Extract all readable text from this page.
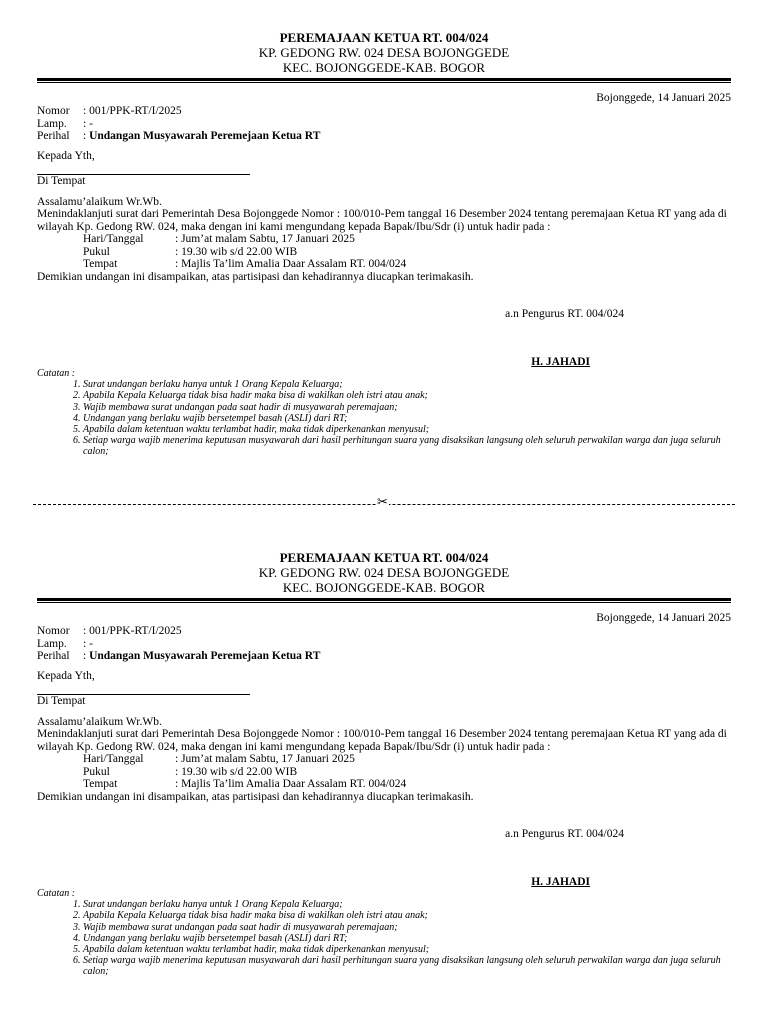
PEREMAJAAN KETUA RT. 004/024
KP. GEDONG RW. 024 DESA BOJONGGEDE
KEC. BOJONGGEDE-KAB. BOGOR
Bojonggede, 14 Januari 2025
Nomor : 001/PPK-RT/I/2025
Lamp. : -
Perihal : Undangan Musyawarah Peremejaan Ketua RT
Kepada Yth,
Di Tempat
Assalamu’alaikum Wr.Wb.
Menindaklanjuti surat dari Pemerintah Desa Bojonggede Nomor : 100/010-Pem tanggal 16 Desember 2024 tentang peremajaan Ketua RT yang ada di wilayah Kp. Gedong RW. 024, maka dengan ini kami mengundang kepada Bapak/Ibu/Sdr (i) untuk hadir pada :
Hari/Tanggal	: Jum’at malam Sabtu, 17 Januari 2025
Pukul	: 19.30 wib s/d 22.00 WIB
Tempat	: Majlis Ta’lim Amalia Daar Assalam RT. 004/024
Demikian undangan ini disampaikan, atas partisipasi dan kehadirannya diucapkan terimakasih.
a.n Pengurus RT. 004/024
H. JAHADI
Catatan :
1. Surat undangan berlaku hanya untuk 1 Orang Kepala Keluarga;
2. Apabila Kepala Keluarga tidak bisa hadir maka bisa di wakilkan oleh istri atau anak;
3. Wajib membawa surat undangan pada saat hadir di musyawarah peremajaan;
4. Undangan yang berlaku wajib bersetempel basah (ASLI) dari RT;
5. Apabila dalam ketentuan waktu terlambat hadir, maka tidak diperkenankan menyusul;
6. Setiap warga wajib menerima keputusan musyawarah dari hasil perhitungan suara yang disaksikan langsung oleh seluruh perwakilan warga dan juga seluruh calon;
✂
PEREMAJAAN KETUA RT. 004/024
KP. GEDONG RW. 024 DESA BOJONGGEDE
KEC. BOJONGGEDE-KAB. BOGOR
Bojonggede, 14 Januari 2025
Nomor : 001/PPK-RT/I/2025
Lamp. : -
Perihal : Undangan Musyawarah Peremejaan Ketua RT
Kepada Yth,
Di Tempat
Assalamu’alaikum Wr.Wb.
Menindaklanjuti surat dari Pemerintah Desa Bojonggede Nomor : 100/010-Pem tanggal 16 Desember 2024 tentang peremajaan Ketua RT yang ada di wilayah Kp. Gedong RW. 024, maka dengan ini kami mengundang kepada Bapak/Ibu/Sdr (i) untuk hadir pada :
Hari/Tanggal	: Jum’at malam Sabtu, 17 Januari 2025
Pukul	: 19.30 wib s/d 22.00 WIB
Tempat	: Majlis Ta’lim Amalia Daar Assalam RT. 004/024
Demikian undangan ini disampaikan, atas partisipasi dan kehadirannya diucapkan terimakasih.
a.n Pengurus RT. 004/024
H. JAHADI
Catatan :
1. Surat undangan berlaku hanya untuk 1 Orang Kepala Keluarga;
2. Apabila Kepala Keluarga tidak bisa hadir maka bisa di wakilkan oleh istri atau anak;
3. Wajib membawa surat undangan pada saat hadir di musyawarah peremajaan;
4. Undangan yang berlaku wajib bersetempel basah (ASLI) dari RT;
5. Apabila dalam ketentuan waktu terlambat hadir, maka tidak diperkenankan menyusul;
6. Setiap warga wajib menerima keputusan musyawarah dari hasil perhitungan suara yang disaksikan langsung oleh seluruh perwakilan warga dan juga seluruh calon;
